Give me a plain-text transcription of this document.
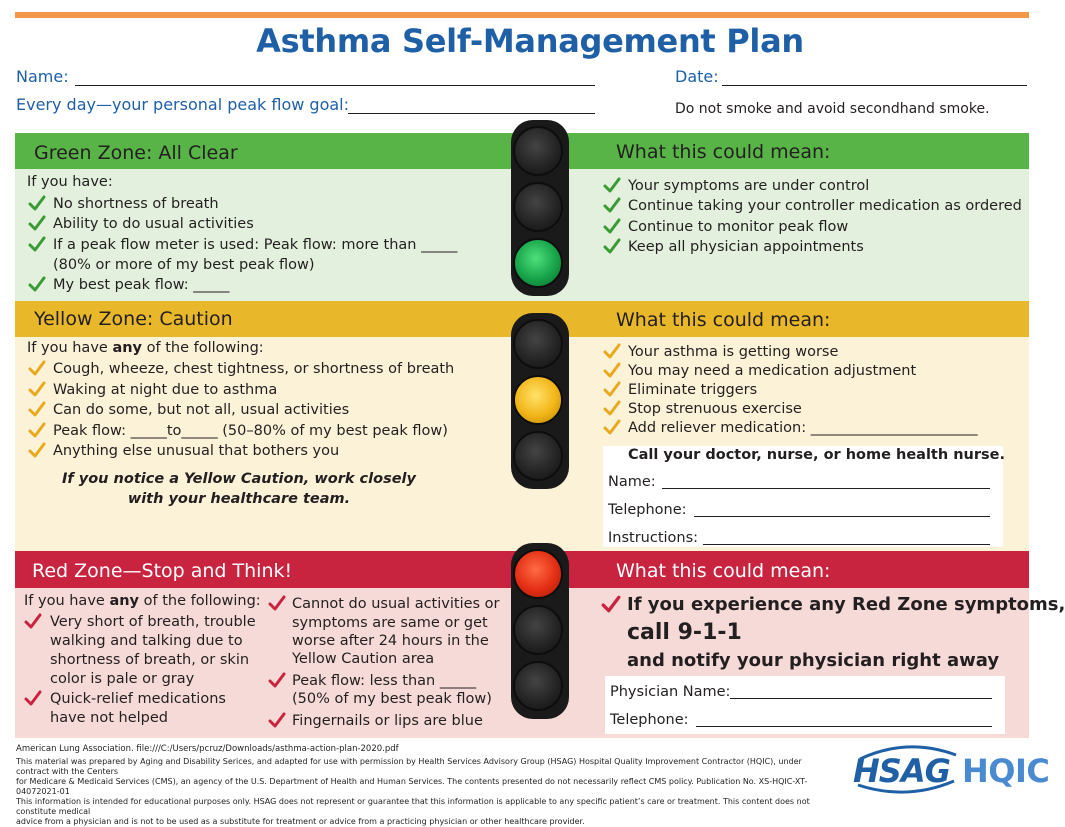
Asthma Self-Management Plan
Name:	Date:
Every day—your personal peak flow goal:	Do not smoke and avoid secondhand smoke.
Green Zone: All Clear	What this could mean:
If you have:
No shortness of breath
Ability to do usual activities
If a peak flow meter is used: Peak flow: more than _____
(80% or more of my best peak flow)
My best peak flow: _____
Your symptoms are under control
Continue taking your controller medication as ordered
Continue to monitor peak flow
Keep all physician appointments
Yellow Zone: Caution	What this could mean:
If you have any of the following:
Cough, wheeze, chest tightness, or shortness of breath
Waking at night due to asthma
Can do some, but not all, usual activities
Peak flow: _____to_____ (50–80% of my best peak flow)
Anything else unusual that bothers you
If you notice a Yellow Caution, work closely
with your healthcare team.
Your asthma is getting worse
You may need a medication adjustment
Eliminate triggers
Stop strenuous exercise
Add reliever medication: _______________________
Call your doctor, nurse, or home health nurse.
Name:
Telephone:
Instructions:
Red Zone—Stop and Think!	What this could mean:
If you have any of the following:
Very short of breath, trouble
walking and talking due to
shortness of breath, or skin
color is pale or gray
Quick-relief medications
have not helped
Cannot do usual activities or
symptoms are same or get
worse after 24 hours in the
Yellow Caution area
Peak flow: less than _____
(50% of my best peak flow)
Fingernails or lips are blue
If you experience any Red Zone symptoms,
call 9-1-1
and notify your physician right away
Physician Name:
Telephone:
American Lung Association. file:///C:/Users/pcruz/Downloads/asthma-action-plan-2020.pdf
This material was prepared by Aging and Disability Serices, and adapted for use with permission by Health Services Advisory Group (HSAG) Hospital Quality Improvement Contractor (HQIC), under contract with the Centers
for Medicare & Medicaid Services (CMS), an agency of the U.S. Department of Health and Human Services. The contents presented do not necessarily reflect CMS policy. Publication No. XS-HQIC-XT-04072021-01
This information is intended for educational purposes only. HSAG does not represent or guarantee that this information is applicable to any specific patient’s care or treatment. This content does not constitute medical
advice from a physician and is not to be used as a substitute for treatment or advice from a practicing physician or other healthcare provider.
HSAG HQIC
